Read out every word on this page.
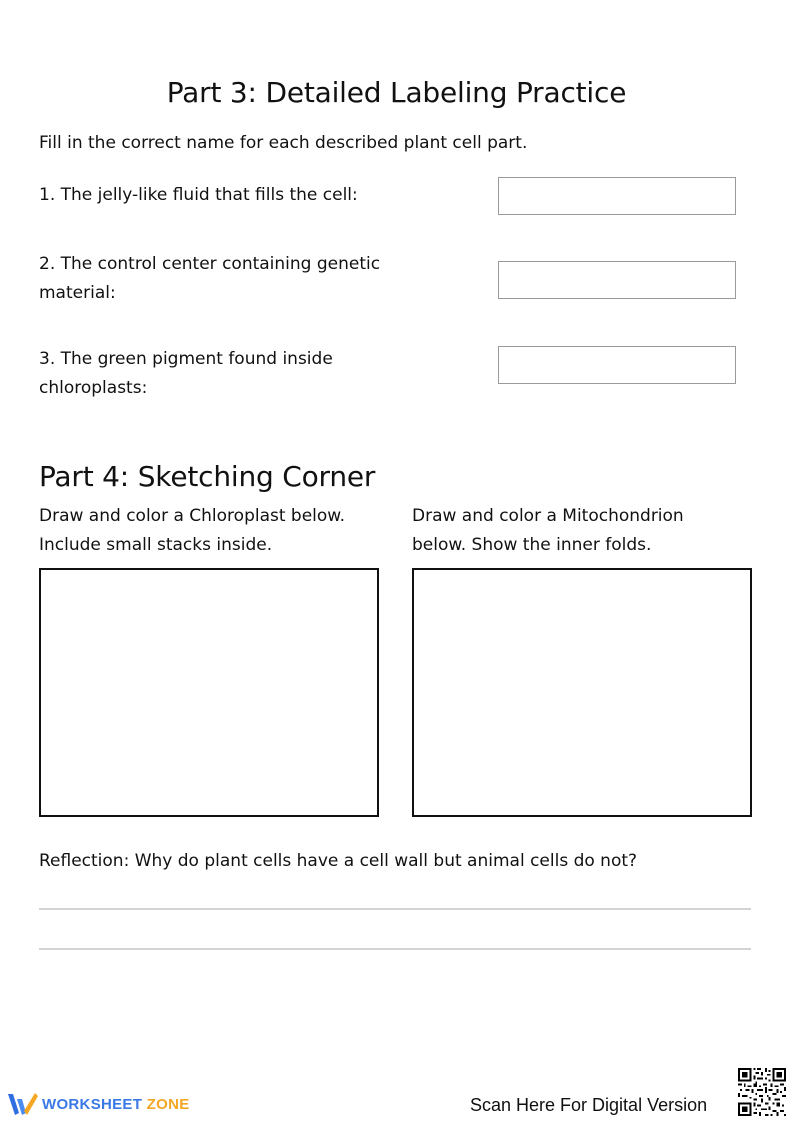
Part 3: Detailed Labeling Practice
Fill in the correct name for each described plant cell part.
1. The jelly-like fluid that fills the cell:
2. The control center containing genetic
material:
3. The green pigment found inside
chloroplasts:
Part 4: Sketching Corner
Draw and color a Chloroplast below.
Include small stacks inside.
Draw and color a Mitochondrion
below. Show the inner folds.
Reflection: Why do plant cells have a cell wall but animal cells do not?
WORKSHEET ZONE	Scan Here For Digital Version
